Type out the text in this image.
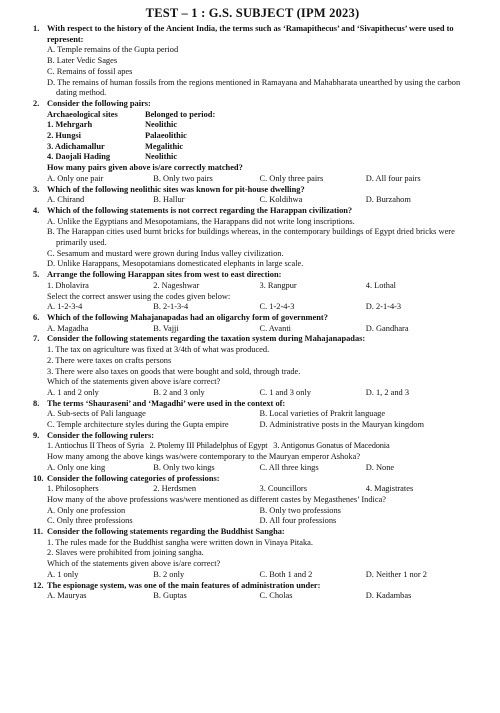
TEST – 1 : G.S. SUBJECT (IPM 2023)
1. With respect to the history of the Ancient India, the terms such as ‘Ramapithecus’ and ‘Sivapithecus’ were used to represent:
A. Temple remains of the Gupta period
B. Later Vedic Sages
C. Remains of fossil apes
D. The remains of human fossils from the regions mentioned in Ramayana and Mahabharata unearthed by using the carbon dating method.
2. Consider the following pairs:
Archaeological sites	Belonged to period:
1. Mehrgarh	Neolithic
2. Hungsi	Palaeolithic
3. Adichamallur	Megalithic
4. Daojali Hading	Neolithic
How many pairs given above is/are correctly matched?
A. Only one pair	B. Only two pairs	C. Only three pairs	D. All four pairs
3. Which of the following neolithic sites was known for pit-house dwelling?
A. Chirand	B. Hallur	C. Koldihwa	D. Burzahom
4. Which of the following statements is not correct regarding the Harappan civilization?
A. Unlike the Egyptians and Mesopotamians, the Harappans did not write long inscriptions.
B. The Harappan cities used burnt bricks for buildings whereas, in the contemporary buildings of Egypt dried bricks were primarily used.
C. Sesamum and mustard were grown during Indus valley civilization.
D. Unlike Harappans, Mesopotamians domesticated elephants in large scale.
5. Arrange the following Harappan sites from west to east direction:
1. Dholavira	2. Nageshwar	3. Rangpur	4. Lothal
Select the correct answer using the codes given below:
A. 1-2-3-4	B. 2-1-3-4	C. 1-2-4-3	D. 2-1-4-3
6. Which of the following Mahajanapadas had an oligarchy form of government?
A. Magadha	B. Vajji	C. Avanti	D. Gandhara
7. Consider the following statements regarding the taxation system during Mahajanapadas:
1. The tax on agriculture was fixed at 3/4th of what was produced.
2. There were taxes on crafts persons
3. There were also taxes on goods that were bought and sold, through trade.
Which of the statements given above is/are correct?
A. 1 and 2 only	B. 2 and 3 only	C. 1 and 3 only	D. 1, 2 and 3
8. The terms ‘Shauraseni’ and ‘Magadhi’ were used in the context of:
A. Sub-sects of Pali language	B. Local varieties of Prakrit language
C. Temple architecture styles during the Gupta empire	D. Administrative posts in the Mauryan kingdom
9. Consider the following rulers:
1. Antiochus II Theos of Syria   2. Ptolemy III Philadelphus of Egypt   3. Antigonus Gonatus of Macedonia
How many among the above kings was/were contemporary to the Mauryan emperor Ashoka?
A. Only one king	B. Only two kings	C. All three kings	D. None
10. Consider the following categories of professions:
1. Philosophers	2. Herdsmen	3. Councillors	4. Magistrates
How many of the above professions was/were mentioned as different castes by Megasthenes’ Indica?
A. Only one profession	B. Only two professions
C. Only three professions	D. All four professions
11. Consider the following statements regarding the Buddhist Sangha:
1. The rules made for the Buddhist sangha were written down in Vinaya Pitaka.
2. Slaves were prohibited from joining sangha.
Which of the statements given above is/are correct?
A. 1 only	B. 2 only	C. Both 1 and 2	D. Neither 1 nor 2
12. The espionage system, was one of the main features of administration under:
A. Mauryas	B. Guptas	C. Cholas	D. Kadambas
